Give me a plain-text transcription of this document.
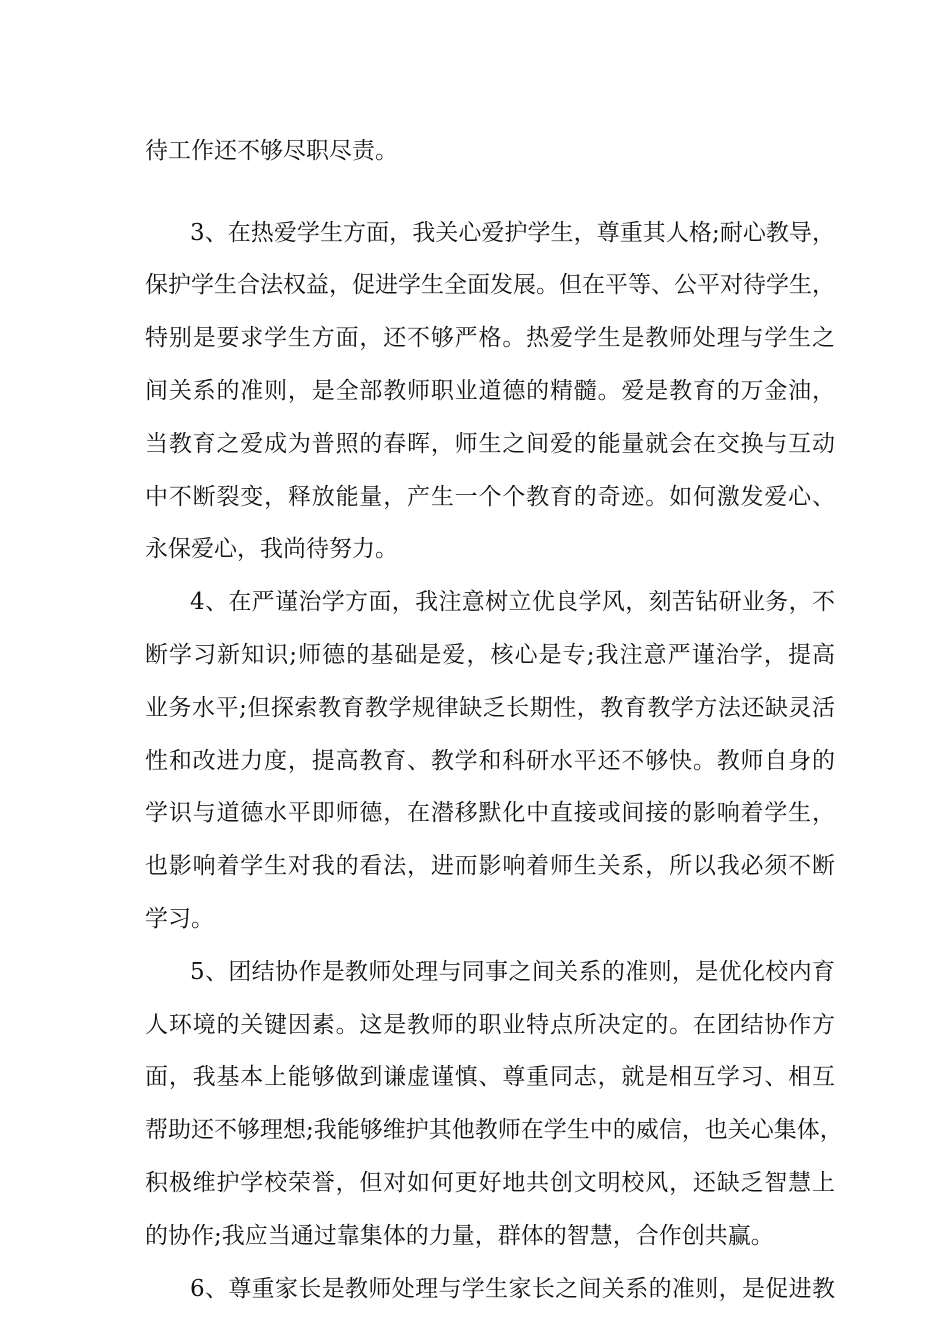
待工作还不够尽职尽责。
3、在热爱学生方面，我关心爱护学生，尊重其人格;耐心教导，
保护学生合法权益，促进学生全面发展。但在平等、公平对待学生，
特别是要求学生方面，还不够严格。热爱学生是教师处理与学生之
间关系的准则，是全部教师职业道德的精髓。爱是教育的万金油，
当教育之爱成为普照的春晖，师生之间爱的能量就会在交换与互动
中不断裂变，释放能量，产生一个个教育的奇迹。如何激发爱心、
永保爱心，我尚待努力。
4、在严谨治学方面，我注意树立优良学风，刻苦钻研业务，不
断学习新知识;师德的基础是爱，核心是专;我注意严谨治学，提高
业务水平;但探索教育教学规律缺乏长期性，教育教学方法还缺灵活
性和改进力度，提高教育、教学和科研水平还不够快。教师自身的
学识与道德水平即师德，在潜移默化中直接或间接的影响着学生，
也影响着学生对我的看法，进而影响着师生关系，所以我必须不断
学习。
5、团结协作是教师处理与同事之间关系的准则，是优化校内育
人环境的关键因素。这是教师的职业特点所决定的。在团结协作方
面，我基本上能够做到谦虚谨慎、尊重同志，就是相互学习、相互
帮助还不够理想;我能够维护其他教师在学生中的威信，也关心集体，
积极维护学校荣誉，但对如何更好地共创文明校风，还缺乏智慧上
的协作;我应当通过靠集体的力量，群体的智慧，合作创共赢。
6、尊重家长是教师处理与学生家长之间关系的准则，是促进教
